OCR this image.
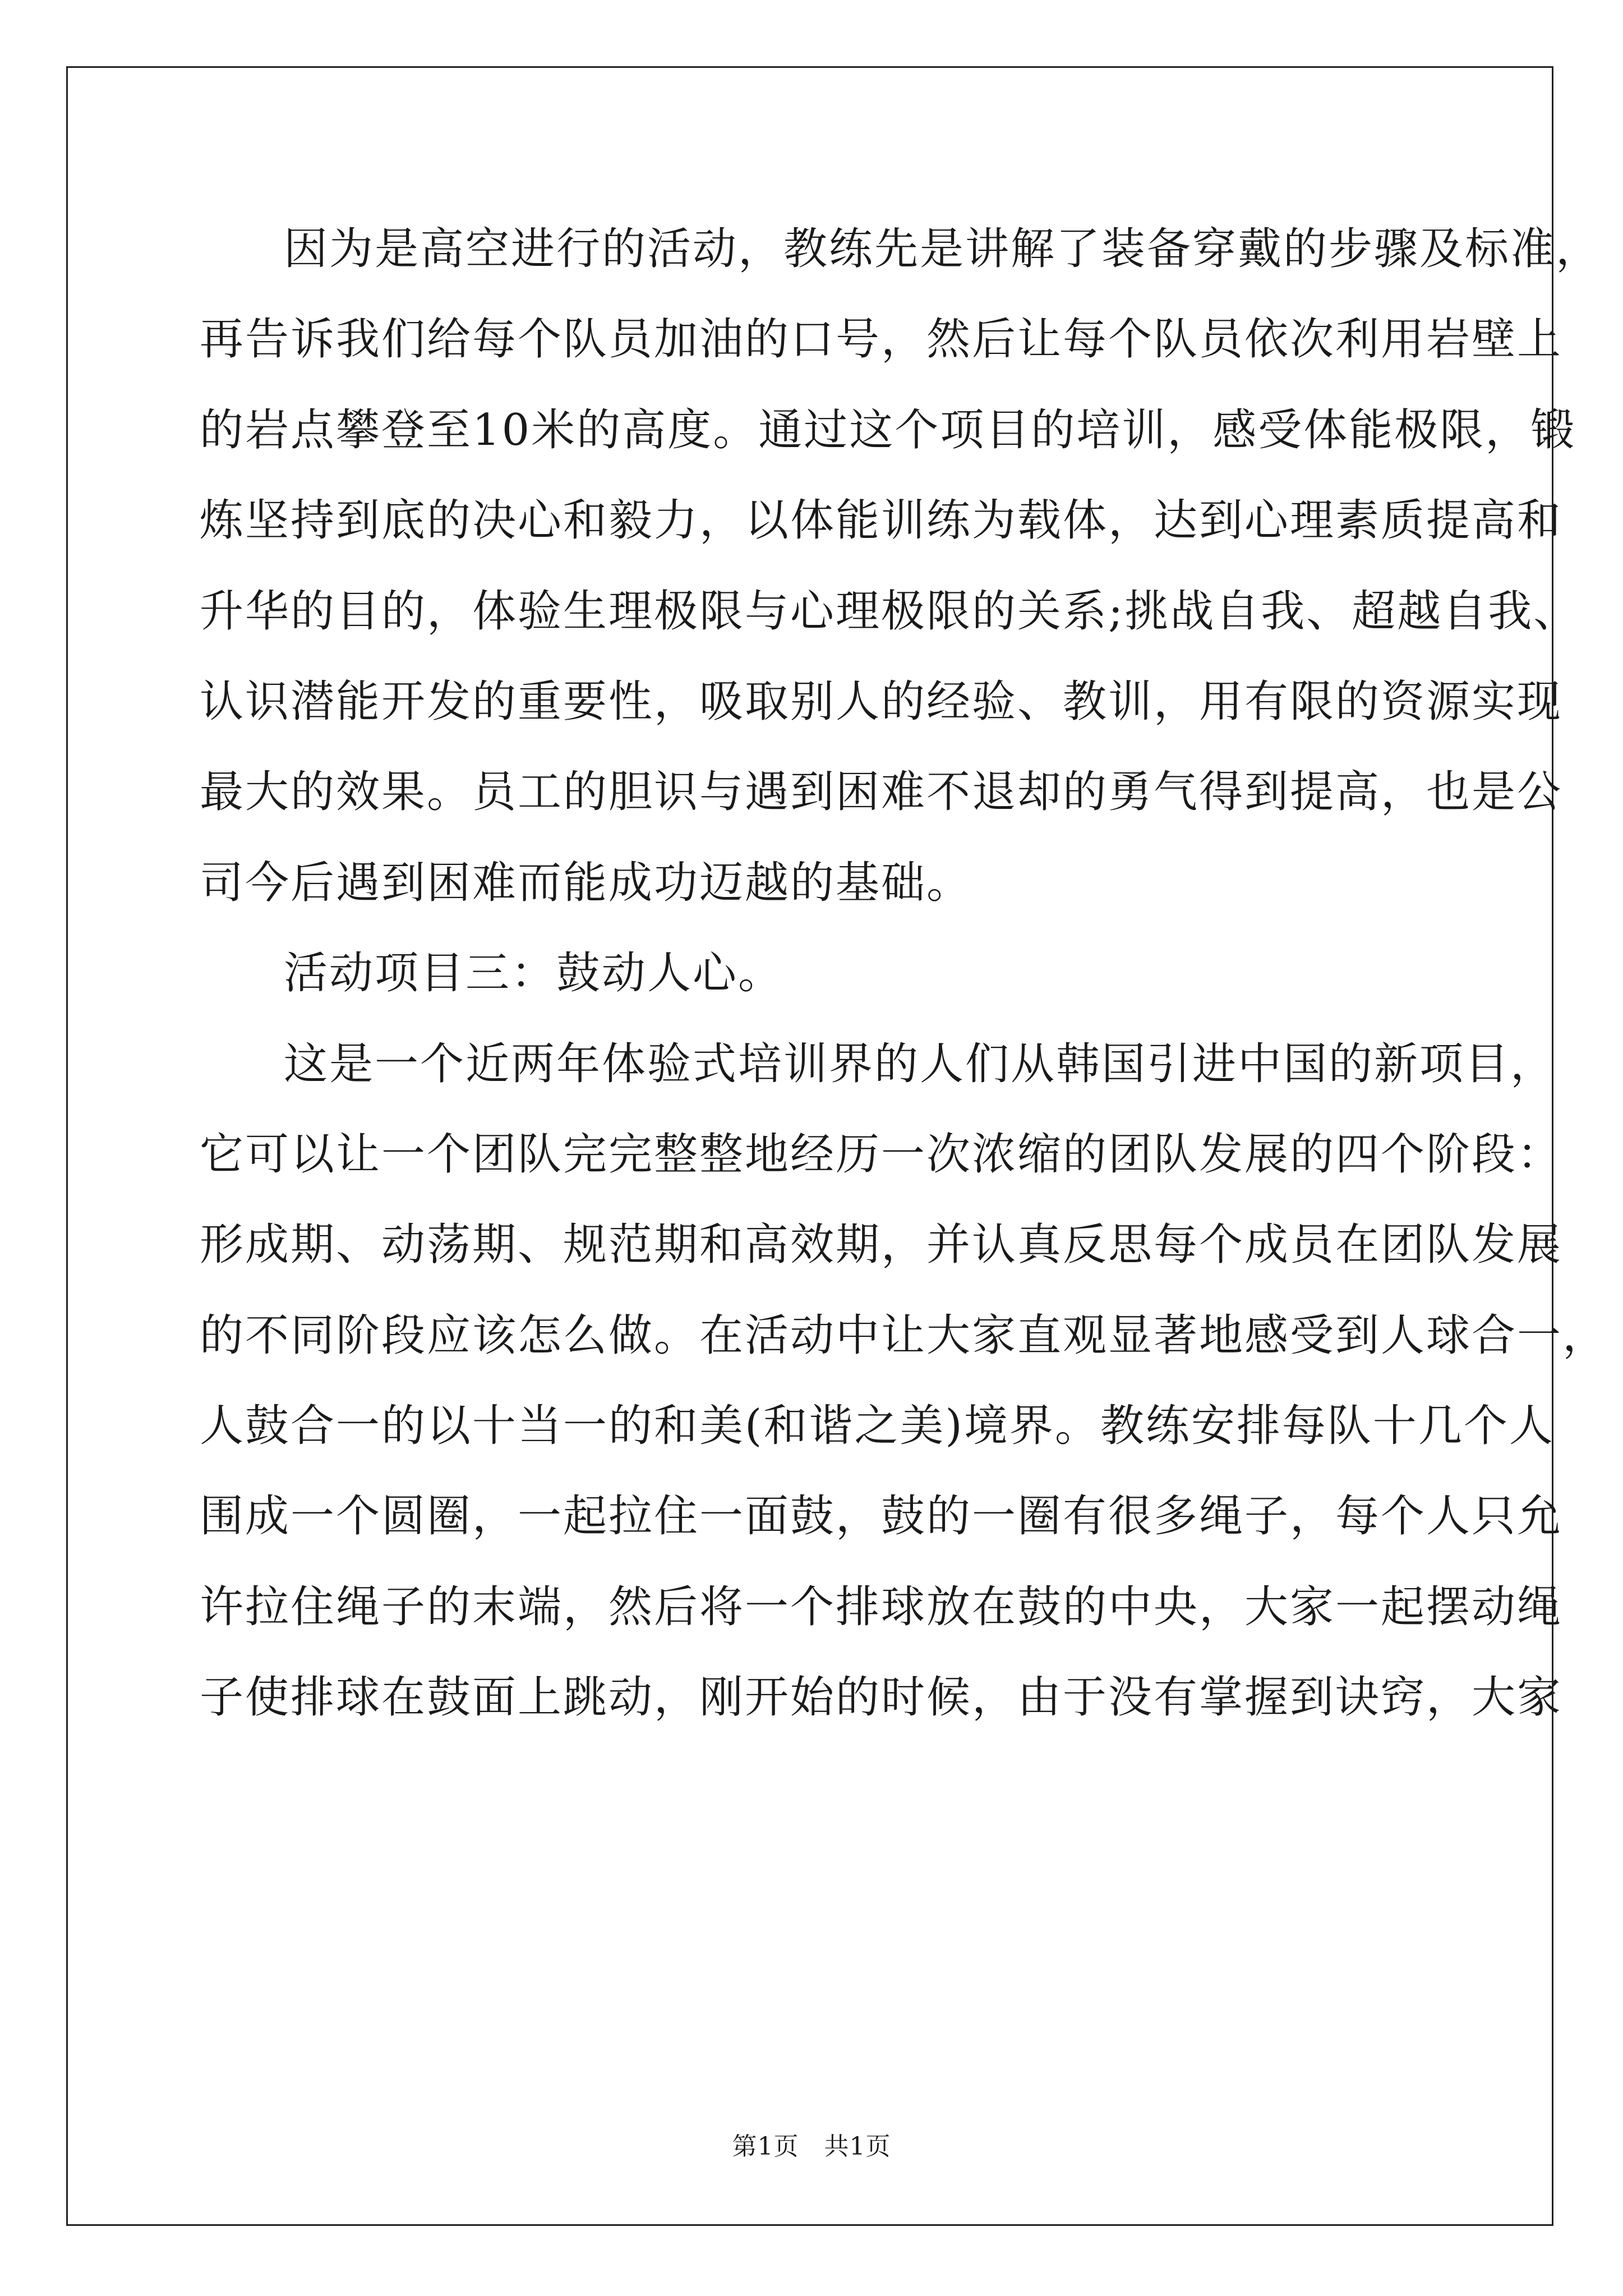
因为是高空进行的活动，教练先是讲解了装备穿戴的步骤及标准，
再告诉我们给每个队员加油的口号，然后让每个队员依次利用岩壁上
的岩点攀登至10米的高度。通过这个项目的培训，感受体能极限，锻
炼坚持到底的决心和毅力，以体能训练为载体，达到心理素质提高和
升华的目的，体验生理极限与心理极限的关系;挑战自我、超越自我、
认识潜能开发的重要性，吸取别人的经验、教训，用有限的资源实现
最大的效果。员工的胆识与遇到困难不退却的勇气得到提高，也是公
司今后遇到困难而能成功迈越的基础。
活动项目三：鼓动人心。
这是一个近两年体验式培训界的人们从韩国引进中国的新项目，
它可以让一个团队完完整整地经历一次浓缩的团队发展的四个阶段：
形成期、动荡期、规范期和高效期，并认真反思每个成员在团队发展
的不同阶段应该怎么做。在活动中让大家直观显著地感受到人球合一，
人鼓合一的以十当一的和美(和谐之美)境界。教练安排每队十几个人
围成一个圆圈，一起拉住一面鼓，鼓的一圈有很多绳子，每个人只允
许拉住绳子的末端，然后将一个排球放在鼓的中央，大家一起摆动绳
子使排球在鼓面上跳动，刚开始的时候，由于没有掌握到诀窍，大家
第1页　共1页
